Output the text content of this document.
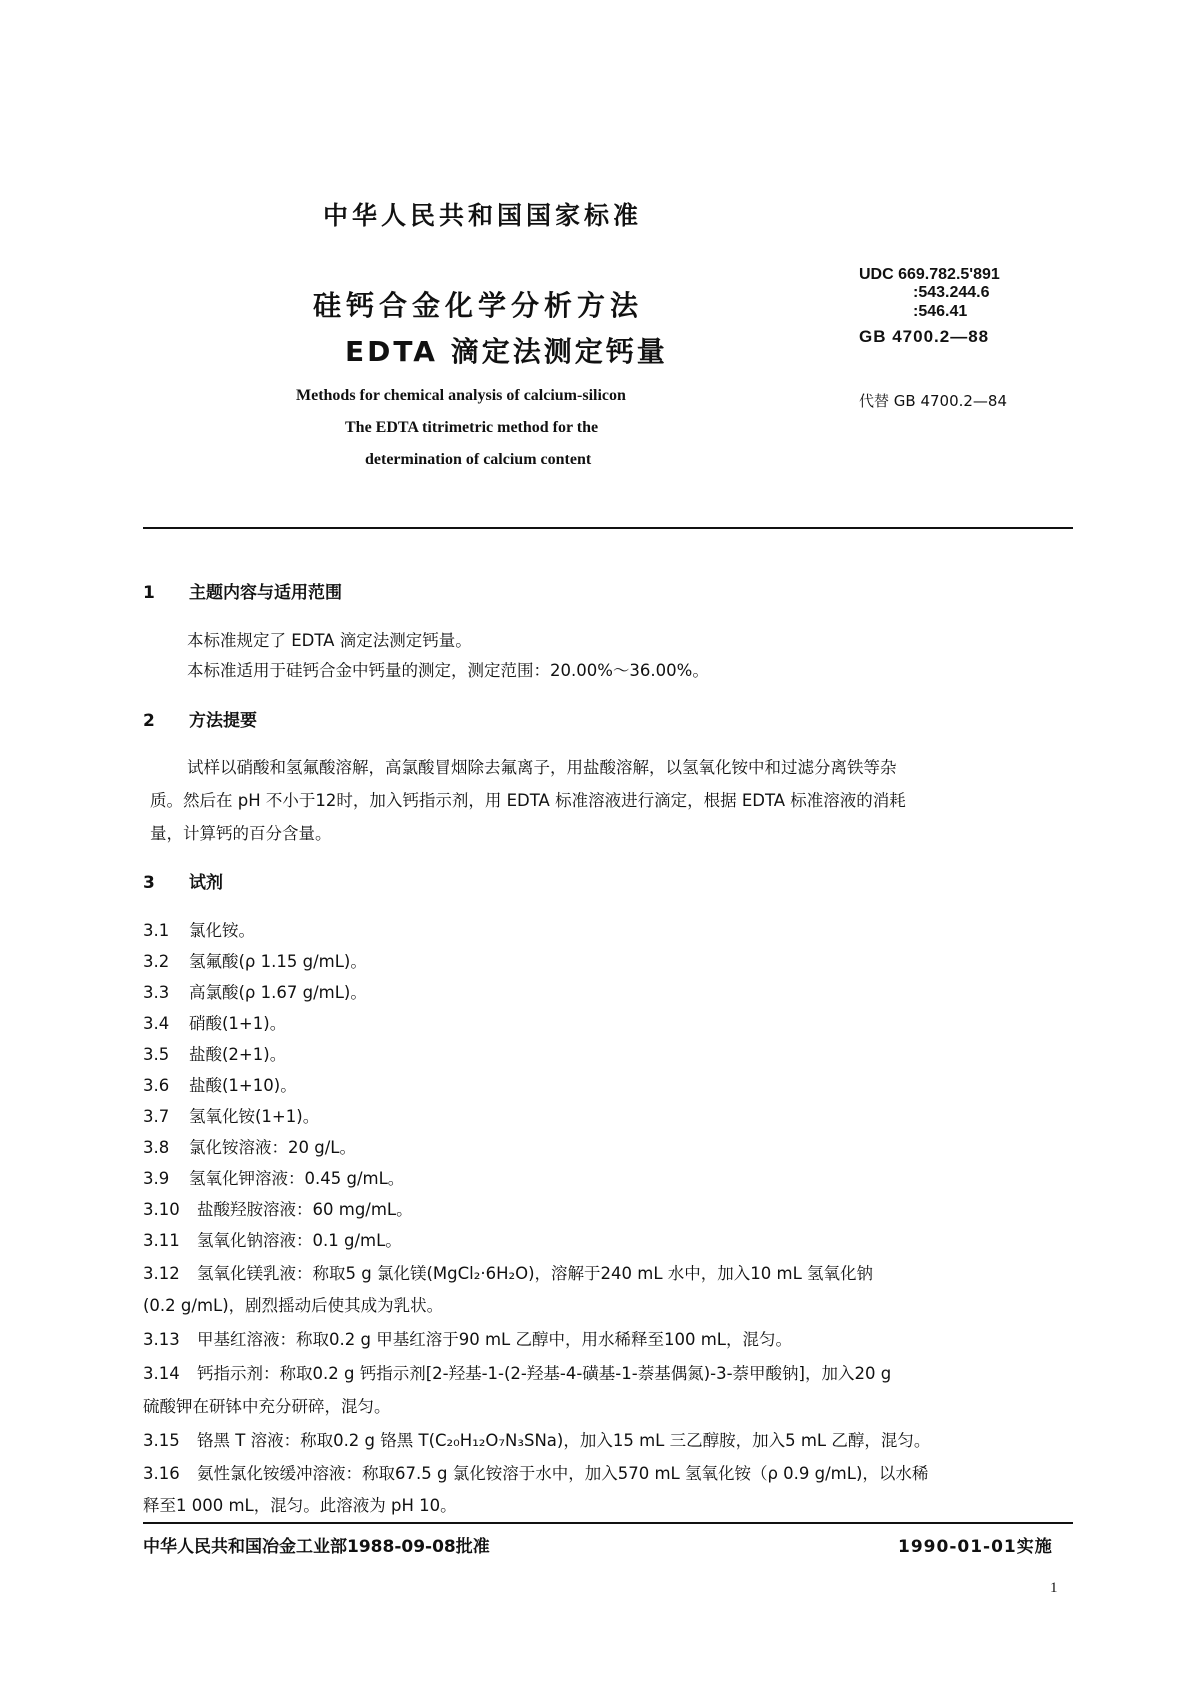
中华人民共和国国家标准
硅钙合金化学分析方法
EDTA 滴定法测定钙量
Methods for chemical analysis of calcium-silicon
The EDTA titrimetric method for the
determination of calcium content
UDC 669.782.5'891
:543.244.6
:546.41
GB 4700.2—88
代替 GB 4700.2—84
1 主题内容与适用范围
本标准规定了 EDTA 滴定法测定钙量。
本标准适用于硅钙合金中钙量的测定，测定范围：20.00%～36.00%。
2 方法提要
试样以硝酸和氢氟酸溶解，高氯酸冒烟除去氟离子，用盐酸溶解，以氢氧化铵中和过滤分离铁等杂
质。然后在 pH 不小于12时，加入钙指示剂，用 EDTA 标准溶液进行滴定，根据 EDTA 标准溶液的消耗
量，计算钙的百分含量。
3 试剂
3.1 氯化铵。
3.2 氢氟酸(ρ 1.15 g/mL)。
3.3 高氯酸(ρ 1.67 g/mL)。
3.4 硝酸(1+1)。
3.5 盐酸(2+1)。
3.6 盐酸(1+10)。
3.7 氢氧化铵(1+1)。
3.8 氯化铵溶液：20 g/L。
3.9 氢氧化钾溶液：0.45 g/mL。
3.10 盐酸羟胺溶液：60 mg/mL。
3.11 氢氧化钠溶液：0.1 g/mL。
3.12 氢氧化镁乳液：称取5 g 氯化镁(MgCl₂·6H₂O)，溶解于240 mL 水中，加入10 mL 氢氧化钠
(0.2 g/mL)，剧烈摇动后使其成为乳状。
3.13 甲基红溶液：称取0.2 g 甲基红溶于90 mL 乙醇中，用水稀释至100 mL，混匀。
3.14 钙指示剂：称取0.2 g 钙指示剂[2-羟基-1-(2-羟基-4-磺基-1-萘基偶氮)-3-萘甲酸钠]，加入20 g
硫酸钾在研钵中充分研碎，混匀。
3.15 铬黑 T 溶液：称取0.2 g 铬黑 T(C₂₀H₁₂O₇N₃SNa)，加入15 mL 三乙醇胺，加入5 mL 乙醇，混匀。
3.16 氨性氯化铵缓冲溶液：称取67.5 g 氯化铵溶于水中，加入570 mL 氢氧化铵（ρ 0.9 g/mL)，以水稀
释至1 000 mL，混匀。此溶液为 pH 10。
中华人民共和国冶金工业部1988-09-08批准	1990-01-01实施
1
